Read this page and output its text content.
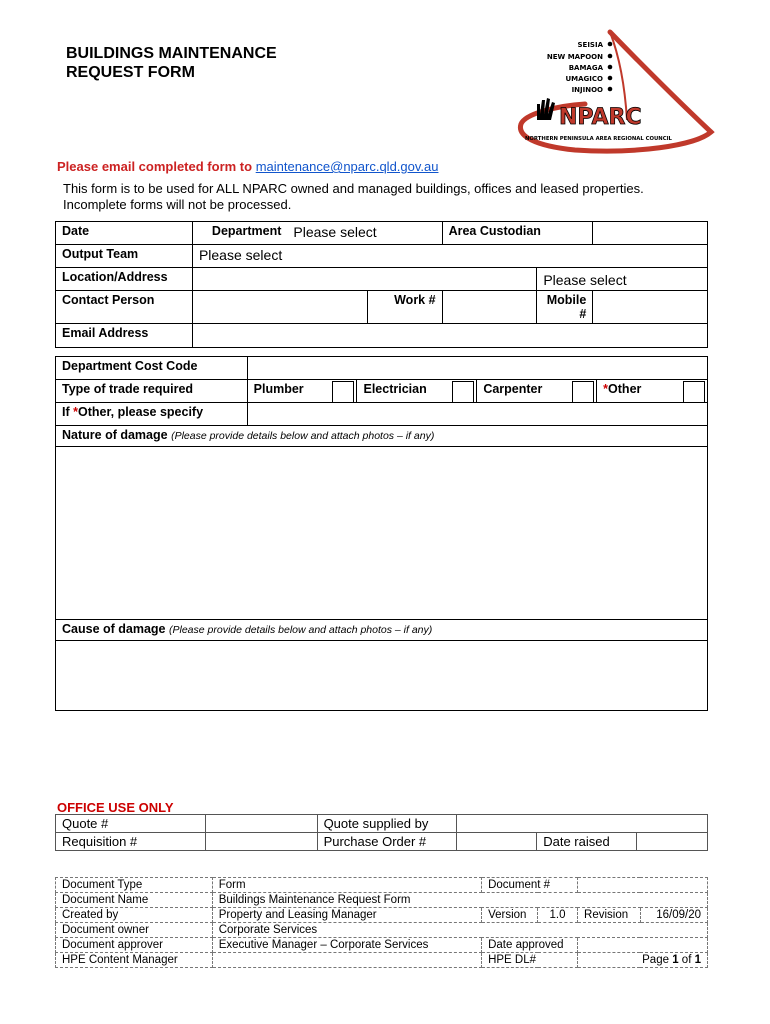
BUILDINGS MAINTENANCE
REQUEST FORM
SEISIA
NEW MAPOON
BAMAGA
UMAGICO
INJINOO
NPARC
NORTHERN PENINSULA AREA REGIONAL COUNCIL
Please email completed form to maintenance@nparc.qld.gov.au
This form is to be used for ALL NPARC owned and managed buildings, offices and leased properties. Incomplete forms will not be processed.
Date	Department	Please select		Area Custodian		
Output Team	Please select					
Location/Address					Please select	
Contact Person			Work #		Mobile #	
Email Address						
Department Cost Code				
Type of trade required	Plumber	Electrician	Carpenter	*Other

If *Other, please specify				
Nature of damage (Please provide details below and attach photos – if any)				

Cause of damage (Please provide details below and attach photos – if any)				

OFFICE USE ONLY
Quote #		Quote supplied by			
Requisition #		Purchase Order #		Date raised	
Document Type	Form	Document #			
Document Name	Buildings Maintenance Request Form				
Created by	Property and Leasing Manager	Version	1.0	Revision	16/09/20
Document owner	Corporate Services				
Document approver	Executive Manager – Corporate Services	Date approved			
HPE Content Manager		HPE DL#		Page 1 of 1	
